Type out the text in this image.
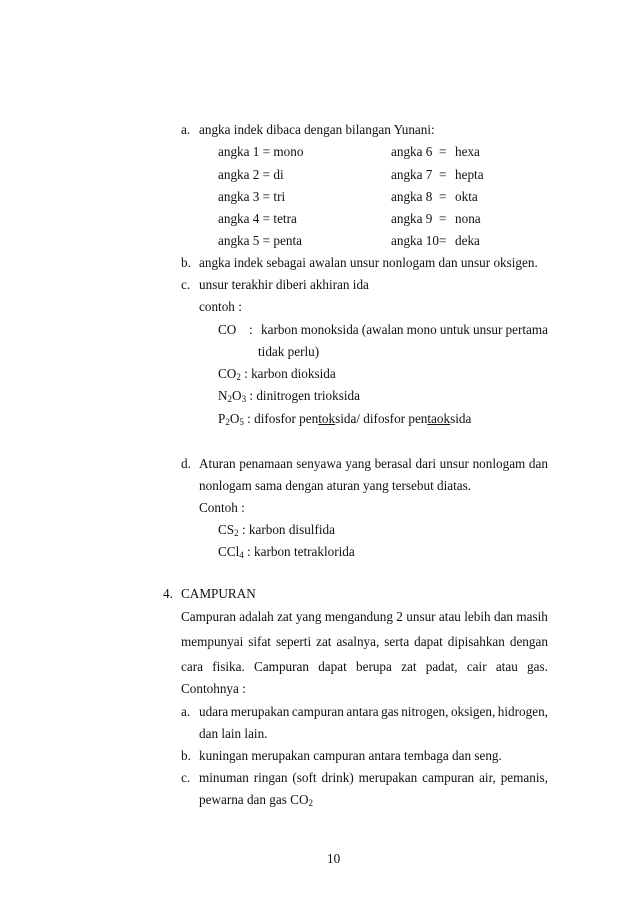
a. angka indek dibaca dengan bilangan Yunani:
angka 1 = mono
angka 2 = di
angka 3 = tri
angka 4 = tetra
angka 5 = penta
angka 6
angka 7
angka 8
angka 9
angka 10
=
=
=
=
=
hexa
hepta
okta
nona
deka
b. angka indek sebagai awalan unsur nonlogam dan unsur oksigen.
c. unsur terakhir diberi akhiran ida
contoh :
CO : karbon monoksida (awalan mono untuk unsur pertama
tidak perlu)
$CO_2$ : karbon dioksida
$N_2O_3$ : dinitrogen trioksida
$P_2O_5$ : difosfor pentoksida/ difosfor pentaoksida
d. Aturan penamaan senyawa yang berasal dari unsur nonlogam dan
nonlogam sama dengan aturan yang tersebut diatas.
Contoh :
$CS_2$ : karbon disulfida
CCl$_4$ : karbon tetraklorida
4. CAMPURAN
Campuran adalah zat yang mengandung 2 unsur atau lebih dan masih
mempunyai sifat seperti zat asalnya, serta dapat dipisahkan dengan
cara fisika. Campuran dapat berupa zat padat, cair atau gas.
Contohnya :
a. udara merupakan campuran antara gas nitrogen, oksigen, hidrogen,
dan lain lain.
b. kuningan merupakan campuran antara tembaga dan seng.
c. minuman ringan (soft drink) merupakan campuran air, pemanis,
pewarna dan gas $CO_2$
10
